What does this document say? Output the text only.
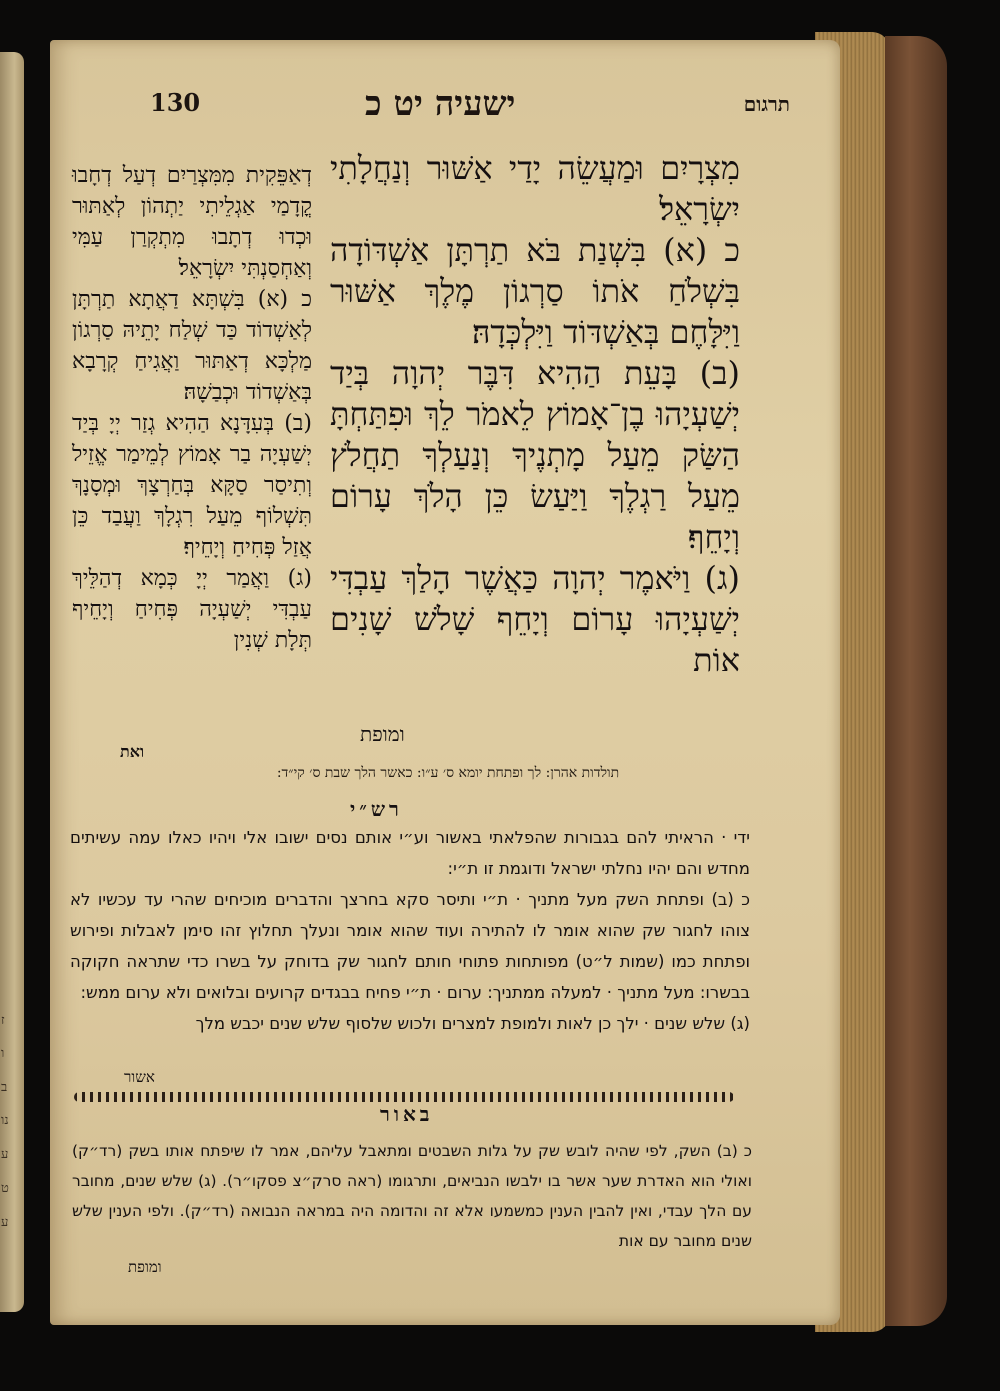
ז
ו
ב
נו
ע
ט
ע
130	ישעיה יט כ	תרגום

מִצְרָיִם וּמַעֲשֵׂה יָדַי אַשּׁוּר וְנַחֲלָתִי יִשְׂרָאֵל׃

כ (א) בִּשְׁנַת בֹּא תַרְתָּן אַשְׁדּוֹדָה בִּשְׁלֹחַ אֹתוֹ סַרְגוֹן מֶלֶךְ אַשּׁוּר וַיִּלָּחֶם בְּאַשְׁדּוֹד וַיִּלְכְּדָהּ׃

(ב) בָּעֵת הַהִיא דִּבֶּר יְהוָה בְּיַד יְשַׁעְיָהוּ בֶן־אָמוֹץ לֵאמֹר לֵךְ וּפִתַּחְתָּ הַשַּׂק מֵעַל מָתְנֶיךָ וְנַעַלְךָ תַחֲלֹץ מֵעַל רַגְלֶךָ וַיַּעַשׂ כֵּן הָלֹךְ עָרוֹם וְיָחֵף׃

(ג) וַיֹּאמֶר יְהוָה כַּאֲשֶׁר הָלַךְ עַבְדִּי יְשַׁעְיָהוּ עָרוֹם וְיָחֵף שָׁלֹשׁ שָׁנִים אוֹת

ומופת

דְאַפֵּקִית מִמִּצְרַיִם דְעַל דְחָבוּ קֳדָמַי אַגְלֵיתִי יַתְהוֹן לְאַתּוּר וּכְדוּ דְתָבוּ מִתְקְרַן עַמִּי וְאַחְסַנְתִּי יִשְׂרָאֵל׃

כ (א) בִּשְׁתָּא דַאֲתָא תַרְתָּן לְאַשְׁדוֹד כַּד שְׁלַח יָתֵיהּ סַרְגוֹן מַלְכָּא דְאַתּוּר וַאֲגִיחַ קְרָבָא בְּאַשְׁדוֹד וּכְבַשָׁהּ׃

(ב) בְּעִדָּנָא הַהִיא גְזַר יְיָ בְּיַד יְשַׁעְיָה בַר אָמוֹץ לְמֵימַר אֱזֵיל וְתִיסַר סַקָּא בְּחַרְצָךְ וּמְסָנָךְ תִּשְׁלוֹף מֵעַל רִגְלָךְ וַעֲבַד כֵּן אֲזַל פְּחִיחַ וְיָחֵיף׃

(ג) וַאֲמַר יְיָ כְּמָא דְהַלֵּיךְ עַבְדִּי יְשַׁעְיָה פְּחִיחַ וְיָחֵיף תְּלָת שְׁנִין

ואת
תולדות אהרן: לך ופתחת יומא ס׳ ע״ו: כאשר הלך שבת ס׳ קי״ד:
רש״י

ידי · הראיתי להם בגבורות שהפלאתי באשור וע״י אותם נסים ישובו אלי ויהיו כאלו עמה עשיתים מחדש והם יהיו נחלתי ישראל ודוגמת זו ת״י:

כ (ב) ופתחת השק מעל מתניך · ת״י ותיסר סקא בחרצך והדברים מוכיחים שהרי עד עכשיו לא צוהו לחגור שק שהוא אומר לו להתירה ועוד שהוא אומר ונעלך תחלוץ זהו סימן לאבלות ופירוש ופתחת כמו (שמות ל״ט) מפותחות פתוחי חותם לחגור שק בדוחק על בשרו כדי שתראה חקוקה בבשרו: מעל מתניך · למעלה ממתניך: ערום · ת״י פחיח בבגדים קרועים ובלואים ולא ערום ממש:

(ג) שלש שנים · ילך כן לאות ולמופת למצרים ולכוש שלסוף שלש שנים יכבש מלך

אשור
באור

כ (ב) השק, לפי שהיה לובש שק על גלות השבטים ומתאבל עליהם, אמר לו שיפתח אותו בשק (רד״ק) ואולי הוא האדרת שער אשר בו ילבשו הנביאים, ותרגומו (ראה סרק״צ פסקו״ר). (ג) שלש שנים, מחובר עם הלך עבדי, ואין להבין הענין כמשמעו אלא זה והדומה היה במראה הנבואה (רד״ק). ולפי הענין שלש שנים מחובר עם אות

ומופת
